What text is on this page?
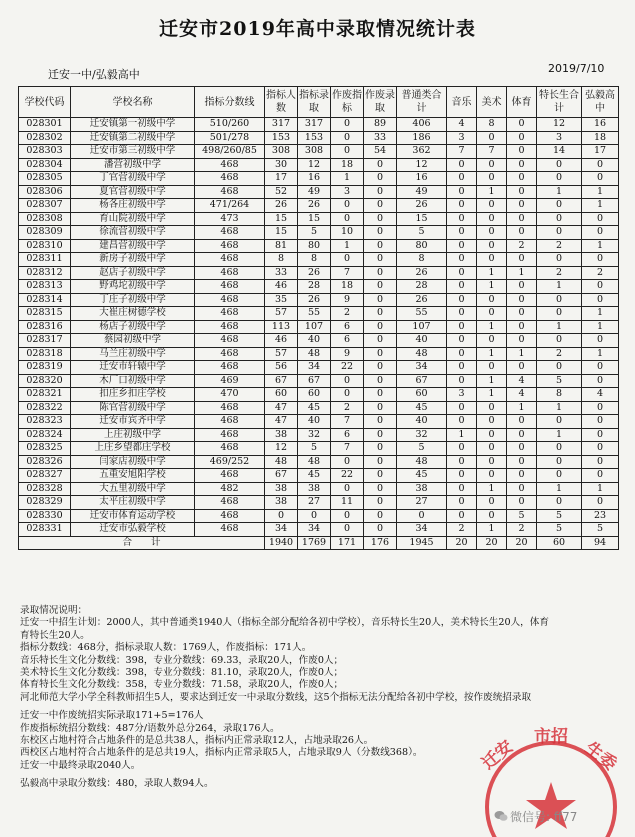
迁安市2019年高中录取情况统计表
迁安一中/弘毅高中	2019/7/10
学校代码	学校名称	指标分数线	指标人数	指标录取	作废指标	作废录取	普通类合计	音乐	美术	体育	特长生合计	弘毅高中
028301	迁安镇第一初级中学	510/260	317	317	0	89	406	4	8	0	12	16
028302	迁安镇第二初级中学	501/278	153	153	0	33	186	3	0	0	3	18
028303	迁安市第三初级中学	498/260/85	308	308	0	54	362	7	7	0	14	17
028304	潘营初级中学	468	30	12	18	0	12	0	0	0	0	0
028305	丁官营初级中学	468	17	16	1	0	16	0	0	0	0	0
028306	夏官营初级中学	468	52	49	3	0	49	0	1	0	1	1
028307	杨各庄初级中学	471/264	26	26	0	0	26	0	0	0	0	1
028308	育山院初级中学	473	15	15	0	0	15	0	0	0	0	0
028309	徐流营初级中学	468	15	5	10	0	5	0	0	0	0	0
028310	建昌营初级中学	468	81	80	1	0	80	0	0	2	2	1
028311	新房子初级中学	468	8	8	0	0	8	0	0	0	0	0
028312	赵店子初级中学	468	33	26	7	0	26	0	1	1	2	2
028313	野鸡坨初级中学	468	46	28	18	0	28	0	1	0	1	0
028314	丁庄子初级中学	468	35	26	9	0	26	0	0	0	0	0
028315	大崔庄树德学校	468	57	55	2	0	55	0	0	0	0	1
028316	杨店子初级中学	468	113	107	6	0	107	0	1	0	1	1
028317	蔡园初级中学	468	46	40	6	0	40	0	0	0	0	0
028318	马兰庄初级中学	468	57	48	9	0	48	0	1	1	2	1
028319	迁安市轩辕中学	468	56	34	22	0	34	0	0	0	0	0
028320	木厂口初级中学	469	67	67	0	0	67	0	1	4	5	0
028321	扣庄乡扣庄学校	470	60	60	0	0	60	3	1	4	8	4
028322	陈官营初级中学	468	47	45	2	0	45	0	0	1	1	0
028323	迁安市宾齐中学	468	47	40	7	0	40	0	0	0	0	0
028324	上庄初级中学	468	38	32	6	0	32	1	0	0	1	0
028325	上庄乡望都庄学校	468	12	5	7	0	5	0	0	0	0	0
028326	闫家店初级中学	469/252	48	48	0	0	48	0	0	0	0	0
028327	五重安旭阳学校	468	67	45	22	0	45	0	0	0	0	0
028328	大五里初级中学	482	38	38	0	0	38	0	1	0	1	1
028329	太平庄初级中学	468	38	27	11	0	27	0	0	0	0	0
028330	迁安市体育运动学校	468	0	0	0	0	0	0	0	5	5	23
028331	迁安市弘毅学校	468	34	34	0	0	34	2	1	2	5	5
合　　计			1940	1769	171	176	1945	20	20	20	60	94
录取情况说明：
迁安一中招生计划：2000人，其中普通类1940人（指标全部分配给各初中学校），音乐特长生20人，美术特长生20人，体育
育特长生20人。
指标分数线：468分，指标录取人数：1769人，作废指标：171人。
音乐特长生文化分数线：398，专业分数线：69.33，录取20人，作废0人；
美术特长生文化分数线：398，专业分数线：81.10，录取20人，作废0人；
体育特长生文化分数线：358，专业分数线：71.58，录取20人，作废0人；
河北师范大学小学全科教师招生5人，要求达到迁安一中录取分数线，这5个指标无法分配给各初中学校，按作废统招录取
迁安一中作废统招实际录取171+5=176人
作废指标统招分数线：487分/语数外总分264，录取176人。
东校区占地村符合占地条件的是总共38人，指标内正常录取12人，占地录取26人。
西校区占地村符合占地条件的是总共19人，指标内正常录取5人，占地录取9人（分数线368）。
迁安一中最终录取2040人。
弘毅高中录取分数线：480，录取人数94人。
迁安 市招
生委
微信号: ff77
